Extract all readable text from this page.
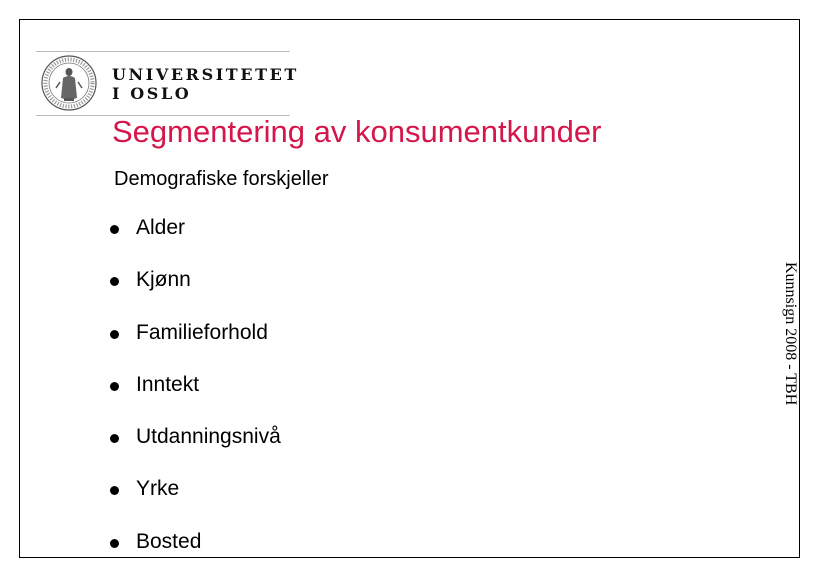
UNIVERSITETET
I OSLO
Segmentering av konsumentkunder
Demografiske forskjeller
Alder
Kjønn
Familieforhold
Inntekt
Utdanningsnivå
Yrke
Bosted
Kunnsign 2008 - TBH
